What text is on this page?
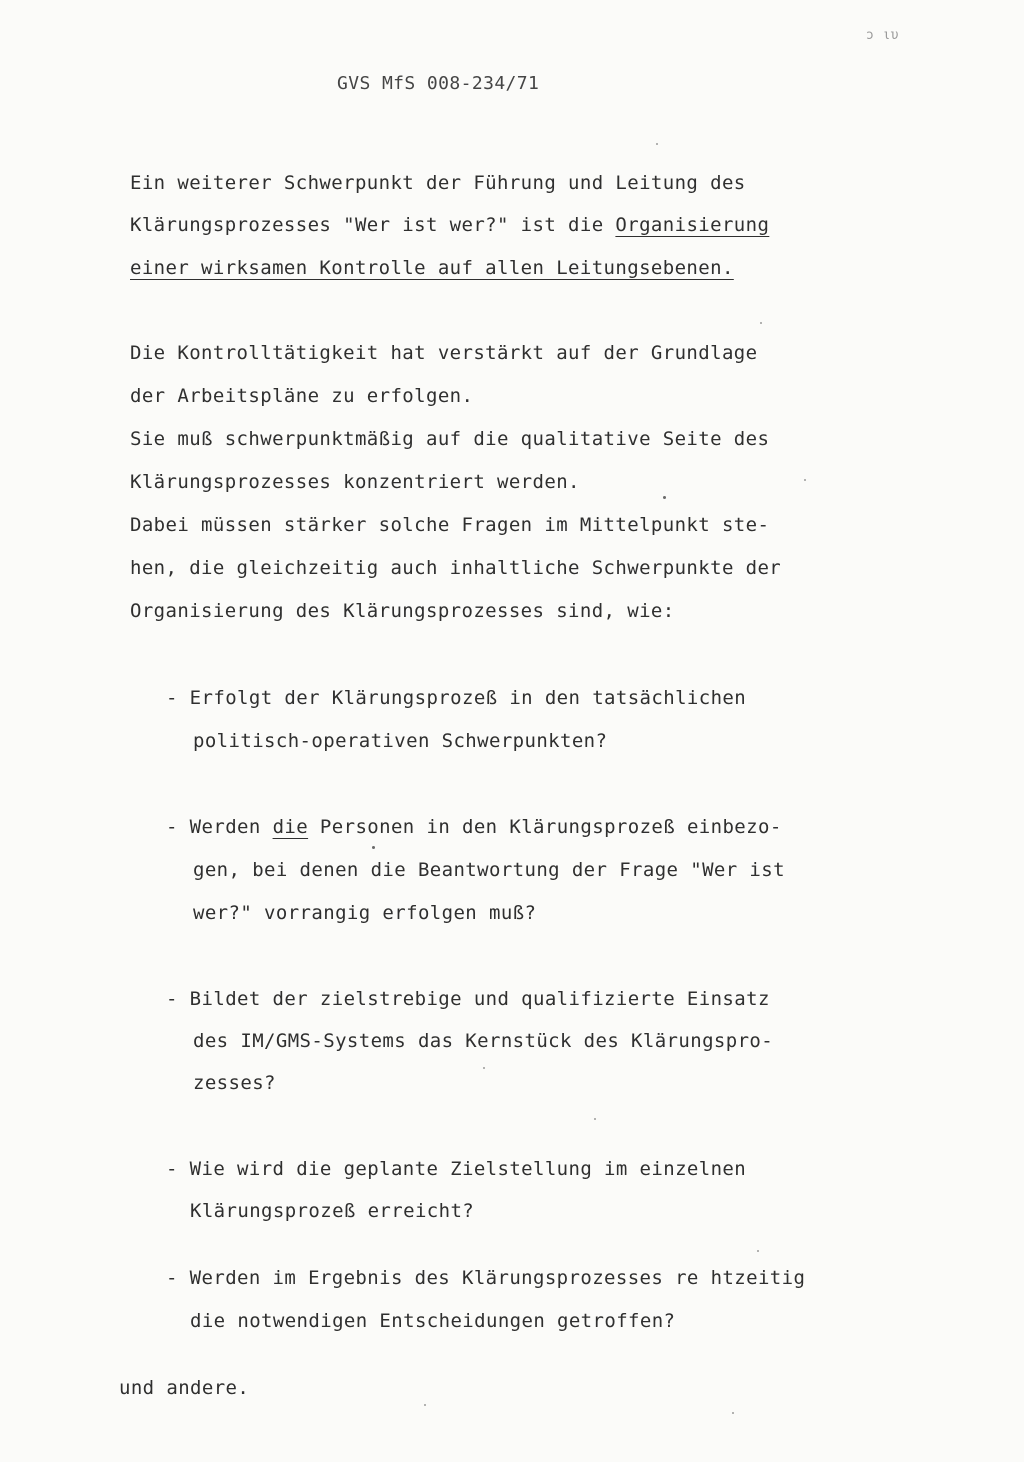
ɔ ιυ
GVS MfS 008-234/71
Ein weiterer Schwerpunkt der Führung und Leitung des
Klärungsprozesses "Wer ist wer?" ist die Organisierung
einer wirksamen Kontrolle auf allen Leitungsebenen.
Die Kontrolltätigkeit hat verstärkt auf der Grundlage
der Arbeitspläne zu erfolgen.
Sie muß schwerpunktmäßig auf die qualitative Seite des
Klärungsprozesses konzentriert werden.
Dabei müssen stärker solche Fragen im Mittelpunkt ste-
hen, die gleichzeitig auch inhaltliche Schwerpunkte der
Organisierung des Klärungsprozesses sind, wie:
- Erfolgt der Klärungsprozeß in den tatsächlichen
politisch-operativen Schwerpunkten?
- Werden die Personen in den Klärungsprozeß einbezo-
gen, bei denen die Beantwortung der Frage "Wer ist
wer?" vorrangig erfolgen muß?
- Bildet der zielstrebige und qualifizierte Einsatz
des IM/GMS-Systems das Kernstück des Klärungspro-
zesses?
- Wie wird die geplante Zielstellung im einzelnen
Klärungsprozeß erreicht?
- Werden im Ergebnis des Klärungsprozesses re htzeitig
die notwendigen Entscheidungen getroffen?
und andere.
